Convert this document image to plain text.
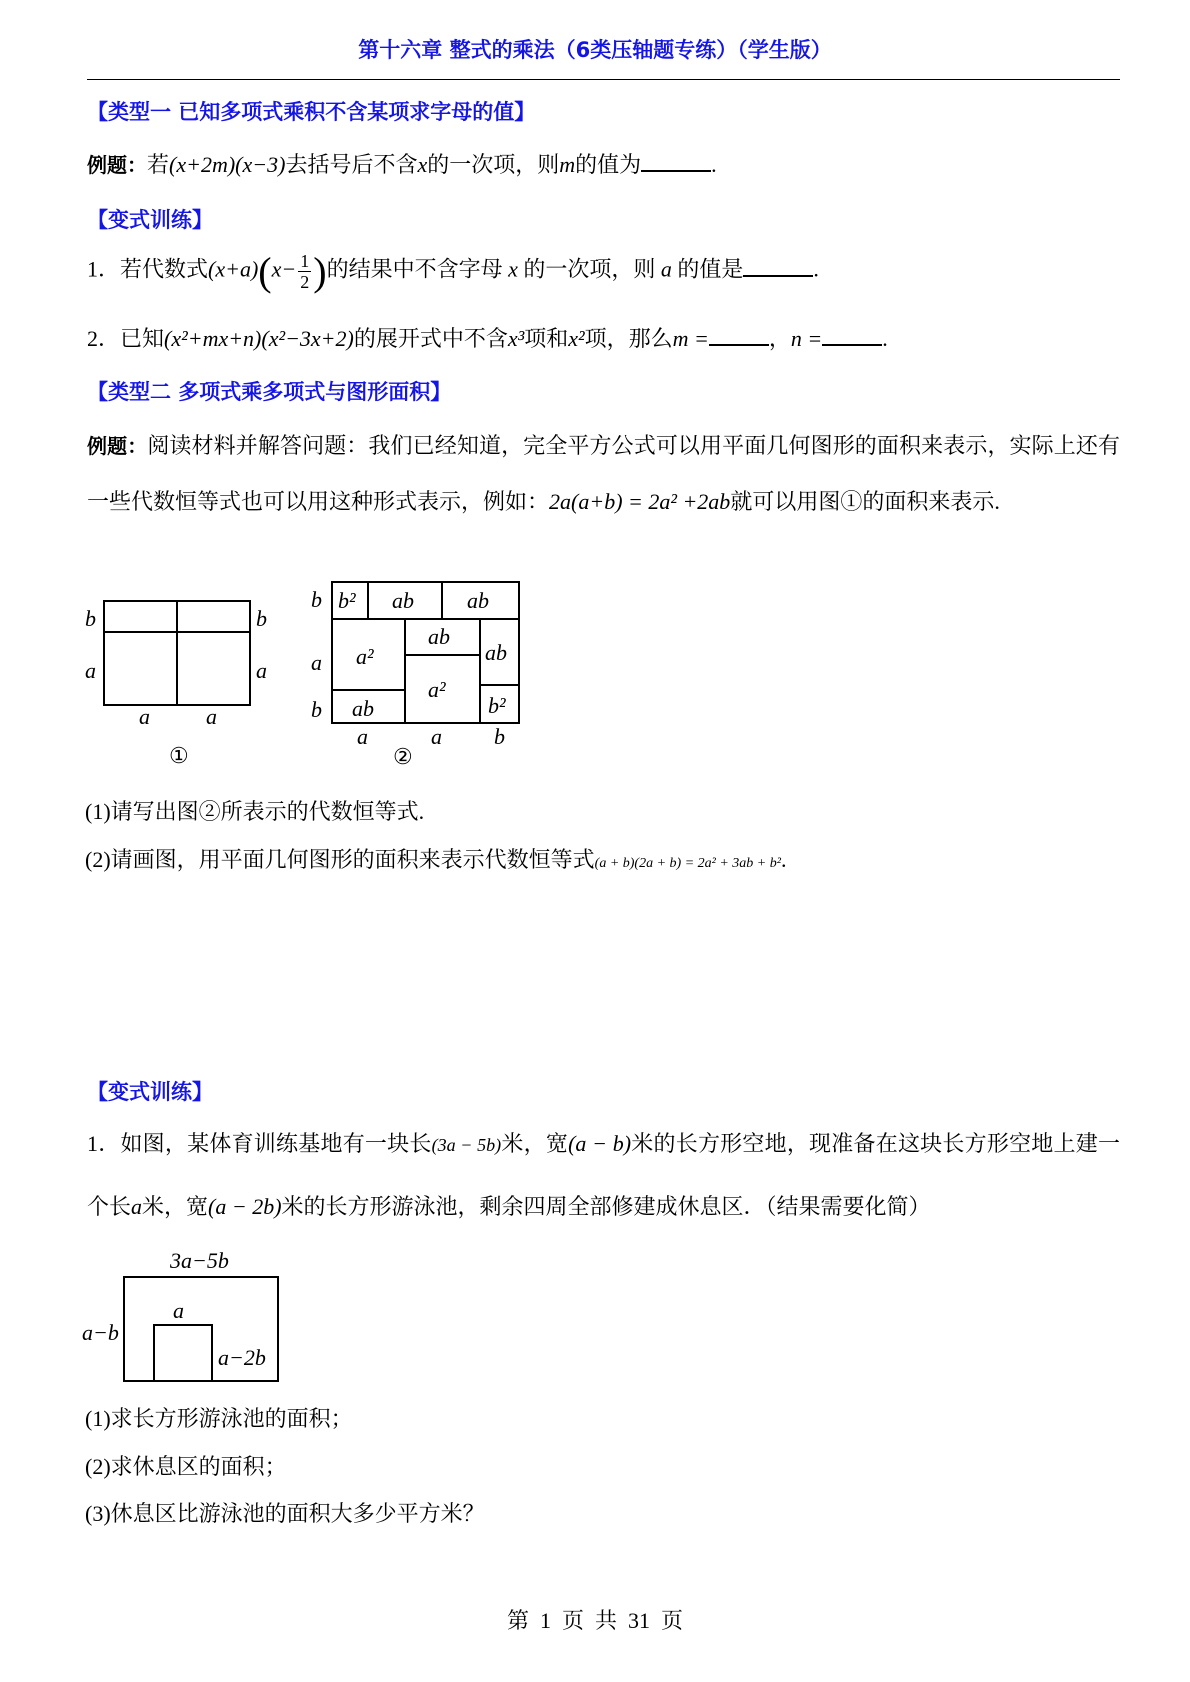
第十六章 整式的乘法（6类压轴题专练）（学生版）
【类型一 已知多项式乘积不含某项求字母的值】
例题：若(x+2m)(x−3)去括号后不含x的一次项，则m的值为	.
【变式训练】
1．若代数式$(x+a)(x- \frac{1}{2}$ )的结果中不含字母 x 的一次项，则 a 的值是	.
2．已知(x²+mx+n)(x²−3x+2)的展开式中不含x³项和x²项，那么m =	，n =	.
【类型二 多项式乘多项式与图形面积】
例题：阅读材料并解答问题：我们已经知道，完全平方公式可以用平面几何图形的面积来表示，实际上还有一些代数恒等式也可以用这种形式表示，例如：2a(a+b) = 2a² +2ab就可以用图①的面积来表示.
b
a
b
a
a	a
①
b
a
b
a	a b
b² ab ab
a²
ab
ab
a²
ab	b²
②
(1)请写出图②所表示的代数恒等式.
(2)请画图，用平面几何图形的面积来表示代数恒等式(a + b)(2a + b) = 2a² + 3ab + b².
【变式训练】
1．如图，某体育训练基地有一块长(3a − 5b)米，宽(a − b)米的长方形空地，现准备在这块长方形空地上建一个长a米，宽(a − 2b)米的长方形游泳池，剩余四周全部修建成休息区．（结果需要化简）
3a−5b
a−b
a
a−2b
(1)求长方形游泳池的面积；
(2)求休息区的面积；
(3)休息区比游泳池的面积大多少平方米？
第  1  页  共  31  页
